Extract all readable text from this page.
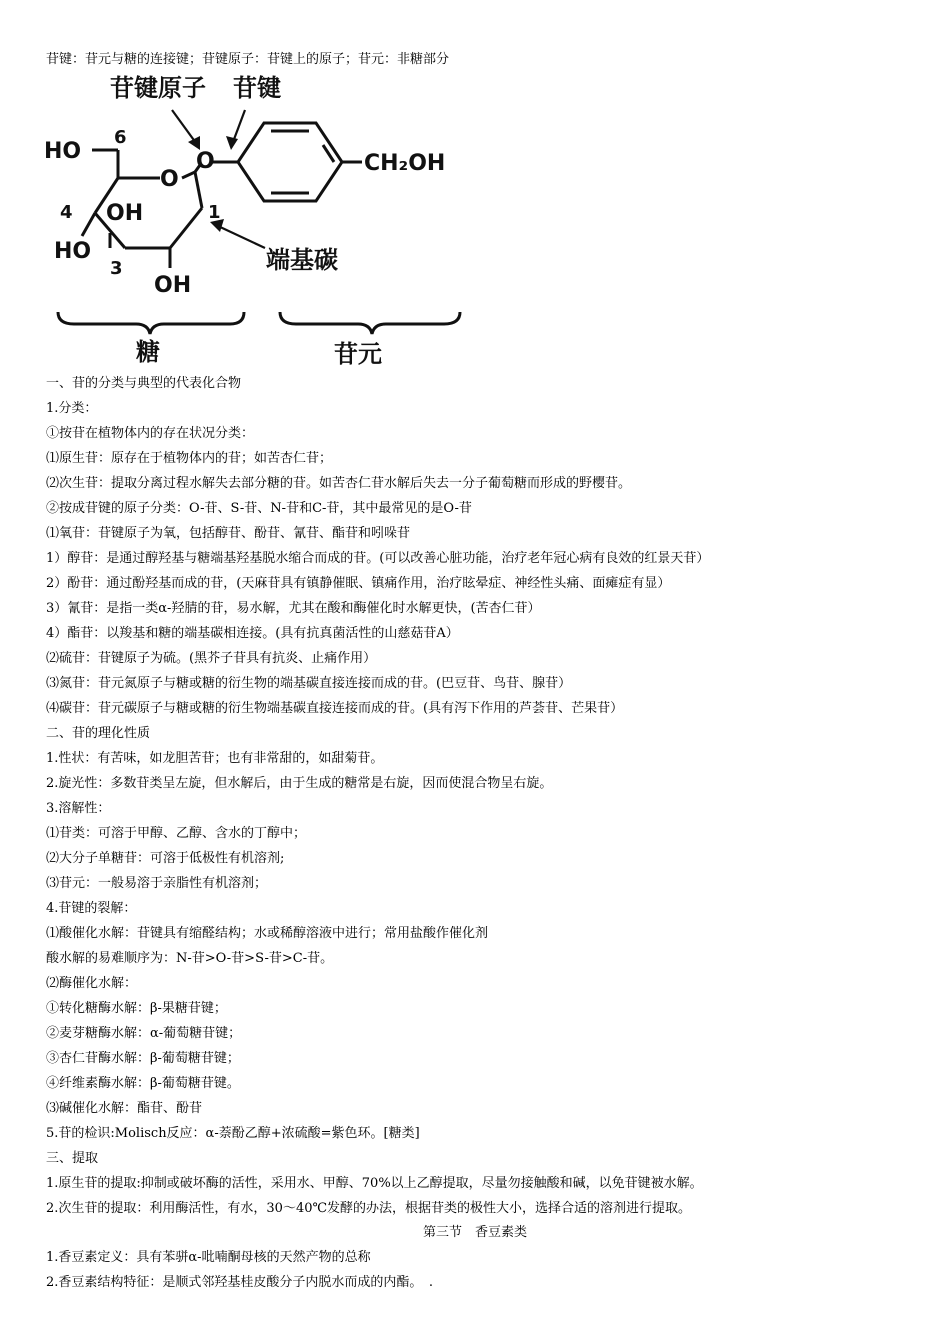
苷键：苷元与糖的连接键；苷键原子：苷键上的原子；苷元：非糖部分
苷键原子 苷键
HO
6
O
O
4 OH
HO
3
1
OH
CH₂OH
端基碳
糖	苷元
一、苷的分类与典型的代表化合物
1.分类：
①按苷在植物体内的存在状况分类：
⑴原生苷：原存在于植物体内的苷；如苦杏仁苷；
⑵次生苷：提取分离过程水解失去部分糖的苷。如苦杏仁苷水解后失去一分子葡萄糖而形成的野樱苷。
②按成苷键的原子分类：O-苷、S-苷、N-苷和C-苷，其中最常见的是O-苷
⑴氧苷：苷键原子为氧，包括醇苷、酚苷、氰苷、酯苷和吲哚苷
1）醇苷：是通过醇羟基与糖端基羟基脱水缩合而成的苷。(可以改善心脏功能，治疗老年冠心病有良效的红景天苷）
2）酚苷：通过酚羟基而成的苷，(天麻苷具有镇静催眠、镇痛作用，治疗眩晕症、神经性头痛、面瘫症有显）
3）氰苷：是指一类α-羟腈的苷，易水解，尤其在酸和酶催化时水解更快，(苦杏仁苷）
4）酯苷：以羧基和糖的端基碳相连接。(具有抗真菌活性的山慈菇苷A）
⑵硫苷：苷键原子为硫。(黑芥子苷具有抗炎、止痛作用）
⑶氮苷：苷元氮原子与糖或糖的衍生物的端基碳直接连接而成的苷。(巴豆苷、鸟苷、腺苷）
⑷碳苷：苷元碳原子与糖或糖的衍生物端基碳直接连接而成的苷。(具有泻下作用的芦荟苷、芒果苷）
二、苷的理化性质
1.性状：有苦味，如龙胆苦苷；也有非常甜的，如甜菊苷。
2.旋光性：多数苷类呈左旋，但水解后，由于生成的糖常是右旋，因而使混合物呈右旋。
3.溶解性：
⑴苷类：可溶于甲醇、乙醇、含水的丁醇中；
⑵大分子单糖苷：可溶于低极性有机溶剂;
⑶苷元：一般易溶于亲脂性有机溶剂；
4.苷键的裂解：
⑴酸催化水解：苷键具有缩醛结构；水或稀醇溶液中进行；常用盐酸作催化剂
酸水解的易难顺序为：N-苷>O-苷>S-苷>C-苷。
⑵酶催化水解：
①转化糖酶水解：β-果糖苷键；
②麦芽糖酶水解：α-葡萄糖苷键；
③杏仁苷酶水解：β-葡萄糖苷键；
④纤维素酶水解：β-葡萄糖苷键。
⑶碱催化水解：酯苷、酚苷
5.苷的检识:Molisch反应：α-萘酚乙醇+浓硫酸=紫色环。[糖类]
三、提取
1.原生苷的提取:抑制或破坏酶的活性，采用水、甲醇、70%以上乙醇提取，尽量勿接触酸和碱，以免苷键被水解。
2.次生苷的提取：利用酶活性，有水，30～40℃发酵的办法，根据苷类的极性大小，选择合适的溶剂进行提取。
第三节　香豆素类
1.香豆素定义：具有苯骈α-吡喃酮母核的天然产物的总称
2.香豆素结构特征：是顺式邻羟基桂皮酸分子内脱水而成的内酯。　.
